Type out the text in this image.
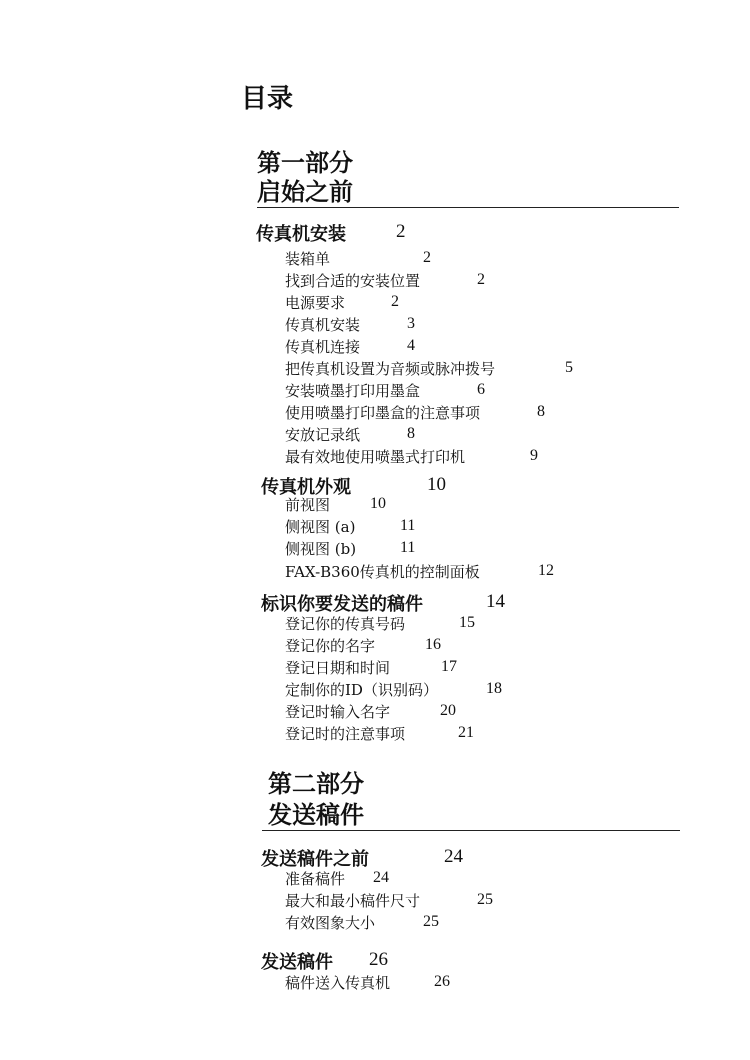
目录
第一部分
启始之前
传真机安装	2
装箱单	2
找到合适的安装位置	2
电源要求	2
传真机安装	3
传真机连接	4
把传真机设置为音频或脉冲拨号	5
安装喷墨打印用墨盒	6
使用喷墨打印墨盒的注意事项	8
安放记录纸	8
最有效地使用喷墨式打印机	9
传真机外观	10
前视图 10
侧视图 (a)	11
侧视图 (b)	11
FAX-B360传真机的控制面板	12
标识你要发送的稿件	14
登记你的传真号码	15
登记你的名字	16
登记日期和时间	17
定制你的ID（识别码）	18
登记时输入名字	20
登记时的注意事项	21
第二部分
发送稿件
发送稿件之前	24
准备稿件 24
最大和最小稿件尺寸	25
有效图象大小	25
发送稿件 26
稿件送入传真机	26
